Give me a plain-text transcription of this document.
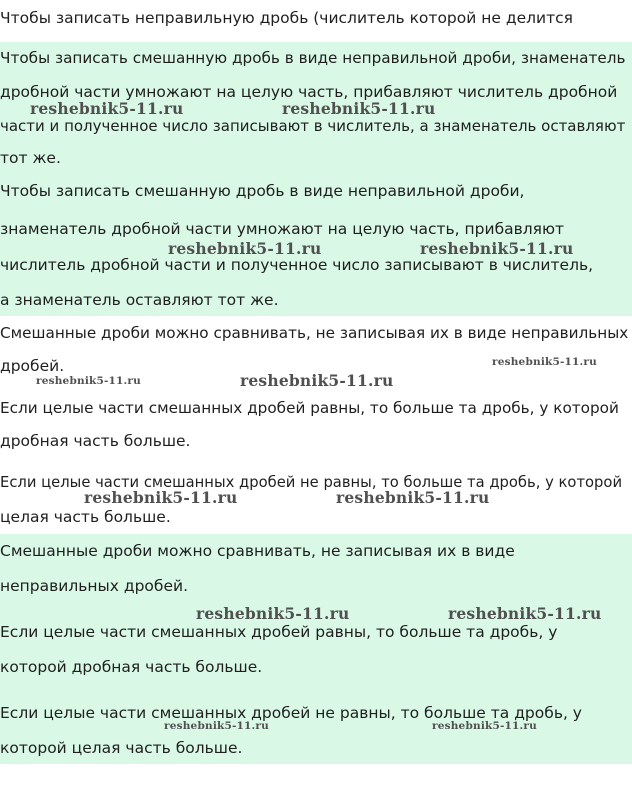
Чтобы записать неправильную дробь (числитель которой не делится
Чтобы записать смешанную дробь в виде неправильной дроби, знаменатель
дробной части умножают на целую часть, прибавляют числитель дробной
части и полученное число записывают в числитель, а знаменатель оставляют
тот же.
reshebnik5-11.ru	reshebnik5-11.ru
Чтобы записать смешанную дробь в виде неправильной дроби,
знаменатель дробной части умножают на целую часть, прибавляют
числитель дробной части и полученное число записывают в числитель,
а знаменатель оставляют тот же.
reshebnik5-11.ru	reshebnik5-11.ru
Смешанные дроби можно сравнивать, не записывая их в виде неправильных
дробей.
Если целые части смешанных дробей равны, то больше та дробь, у которой
дробная часть больше.
Если целые части смешанных дробей не равны, то больше та дробь, у которой
целая часть больше.
reshebnik5-11.ru
reshebnik5-11.ru	reshebnik5-11.ru
reshebnik5-11.ru	reshebnik5-11.ru
Смешанные дроби можно сравнивать, не записывая их в виде
неправильных дробей.
Если целые части смешанных дробей равны, то больше та дробь, у
которой дробная часть больше.
Если целые части смешанных дробей не равны, то больше та дробь, у
которой целая часть больше.
reshebnik5-11.ru	reshebnik5-11.ru
reshebnik5-11.ru	reshebnik5-11.ru
